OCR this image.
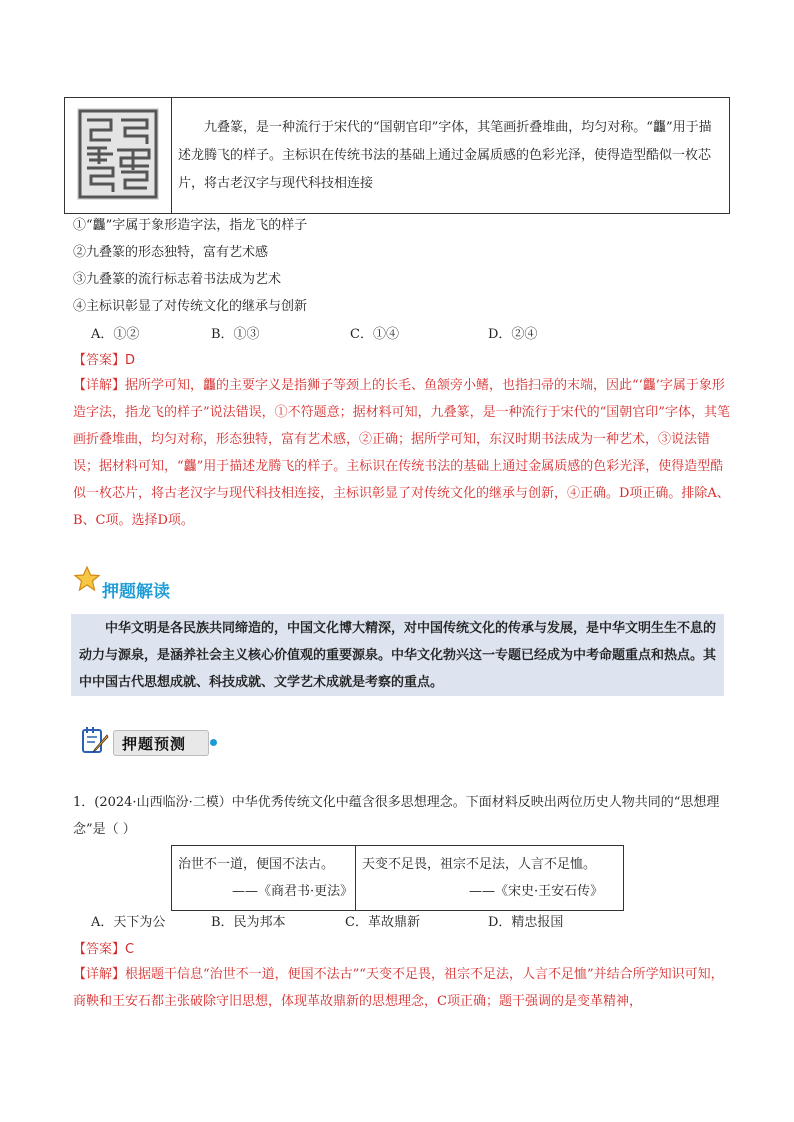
九叠篆，是一种流行于宋代的“国朝官印”字体，其笔画折叠堆曲，均匀对称。“龘”用于描述龙腾飞的样子。主标识在传统书法的基础上通过金属质感的色彩光泽，使得造型酷似一枚芯片，将古老汉字与现代科技相连接
①“龘”字属于象形造字法，指龙飞的样子
②九叠篆的形态独特，富有艺术感
③九叠篆的流行标志着书法成为艺术
④主标识彰显了对传统文化的继承与创新
A．①②	B．①③	C．①④	D．②④
【答案】D
【详解】据所学可知，龘的主要字义是指狮子等颈上的长毛、鱼颔旁小鳍，也指扫帚的末端，因此“‘龘’字属于象形造字法，指龙飞的样子”说法错误，①不符题意；据材料可知，九叠篆，是一种流行于宋代的“国朝官印”字体，其笔画折叠堆曲，均匀对称，形态独特，富有艺术感，②正确；据所学可知，东汉时期书法成为一种艺术，③说法错误；据材料可知，“龘”用于描述龙腾飞的样子。主标识在传统书法的基础上通过金属质感的色彩光泽，使得造型酷似一枚芯片，将古老汉字与现代科技相连接，主标识彰显了对传统文化的继承与创新，④正确。D项正确。排除A、B、C项。选择D项。
押题解读
中华文明是各民族共同缔造的，中国文化博大精深，对中国传统文化的传承与发展，是中华文明生生不息的动力与源泉，是涵养社会主义核心价值观的重要源泉。中华文化勃兴这一专题已经成为中考命题重点和热点。其中中国古代思想成就、科技成就、文学艺术成就是考察的重点。
押题预测
1．(2024·山西临汾·二模）中华优秀传统文化中蕴含很多思想理念。下面材料反映出两位历史人物共同的“思想理念”是（ ）
治世不一道，便国不法古。
——《商君书·更法》
天变不足畏，祖宗不足法，人言不足恤。
——《宋史·王安石传》
A．天下为公	B．民为邦本	C．革故鼎新	D．精忠报国
【答案】C
【详解】根据题干信息“治世不一道，便国不法古”“天变不足畏，祖宗不足法，人言不足恤”并结合所学知识可知，商鞅和王安石都主张破除守旧思想，体现革故鼎新的思想理念，C项正确；题干强调的是变革精神，
